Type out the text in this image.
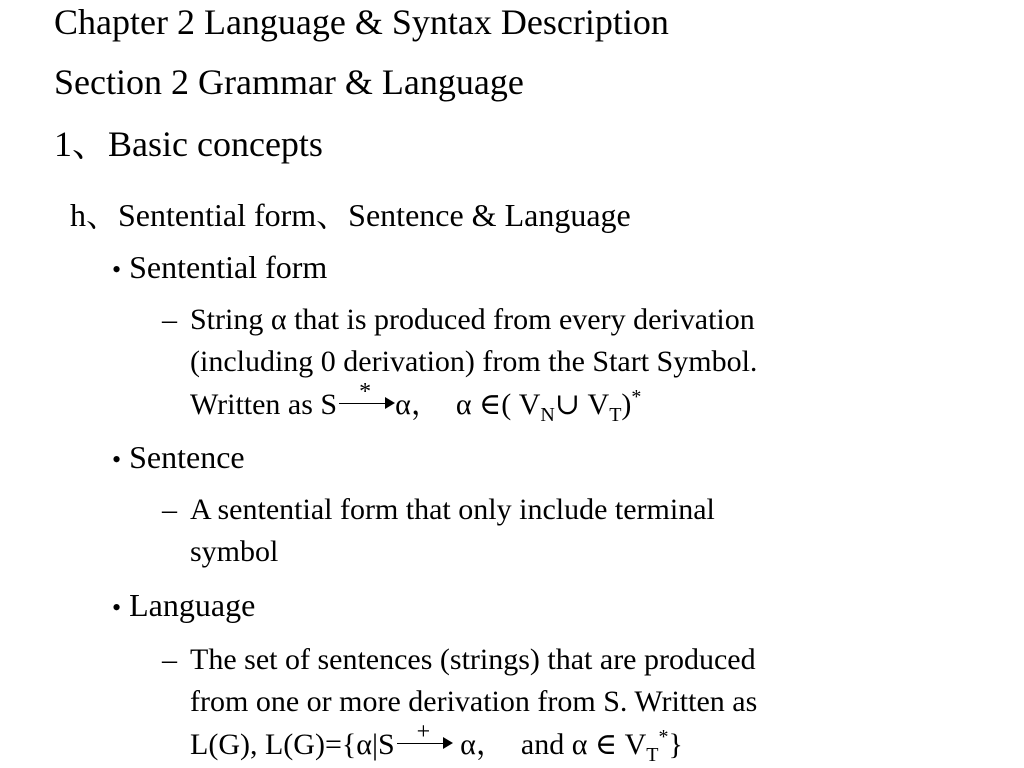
Chapter 2 Language & Syntax Description
Section 2 Grammar & Language
1、Basic concepts
h、Sentential form、Sentence & Language
• Sentential form
– String α that is produced from every derivation
(including 0 derivation) from the Start Symbol.
Written as S * α， α ∈( $V_N\cup$ $V_T)^*$
• Sentence
– A sentential form that only include terminal
symbol
• Language
– The set of sentences (strings) that are produced
from one or more derivation from S. Written as
L(G), L(G)={α|S + α， and α ∈ $V_T^*$}
